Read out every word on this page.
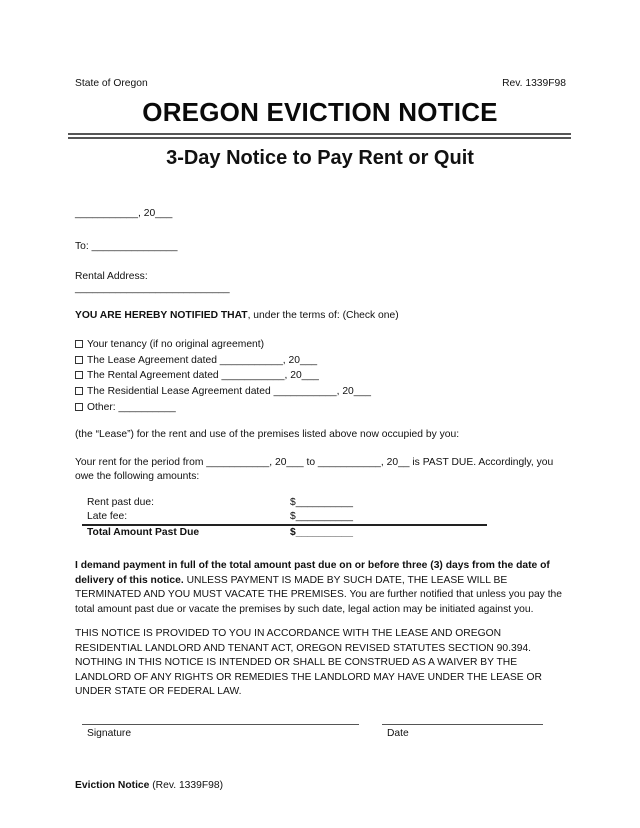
State of Oregon	Rev. 1339F98
OREGON EVICTION NOTICE
3-Day Notice to Pay Rent or Quit
___________, 20___
To: _______________
Rental Address:
___________________________
YOU ARE HEREBY NOTIFIED THAT, under the terms of: (Check one)
Your tenancy (if no original agreement)
The Lease Agreement dated ___________, 20___
The Rental Agreement dated ___________, 20___
The Residential Lease Agreement dated ___________, 20___
Other: __________
(the “Lease”) for the rent and use of the premises listed above now occupied by you:
Your rent for the period from ___________, 20___ to ___________, 20__ is PAST DUE. Accordingly, you
owe the following amounts:
Rent past due:	$__________
Late fee:	$__________
Total Amount Past Due	$__________
I demand payment in full of the total amount past due on or before three (3) days from the date of delivery of this notice. UNLESS PAYMENT IS MADE BY SUCH DATE, THE LEASE WILL BE TERMINATED AND YOU MUST VACATE THE PREMISES. You are further notified that unless you pay the total amount past due or vacate the premises by such date, legal action may be initiated against you.
THIS NOTICE IS PROVIDED TO YOU IN ACCORDANCE WITH THE LEASE AND OREGON RESIDENTIAL LANDLORD AND TENANT ACT, OREGON REVISED STATUTES SECTION 90.394. NOTHING IN THIS NOTICE IS INTENDED OR SHALL BE CONSTRUED AS A WAIVER BY THE LANDLORD OF ANY RIGHTS OR REMEDIES THE LANDLORD MAY HAVE UNDER THE LEASE OR UNDER STATE OR FEDERAL LAW.
Signature	Date
Eviction Notice (Rev. 1339F98)
